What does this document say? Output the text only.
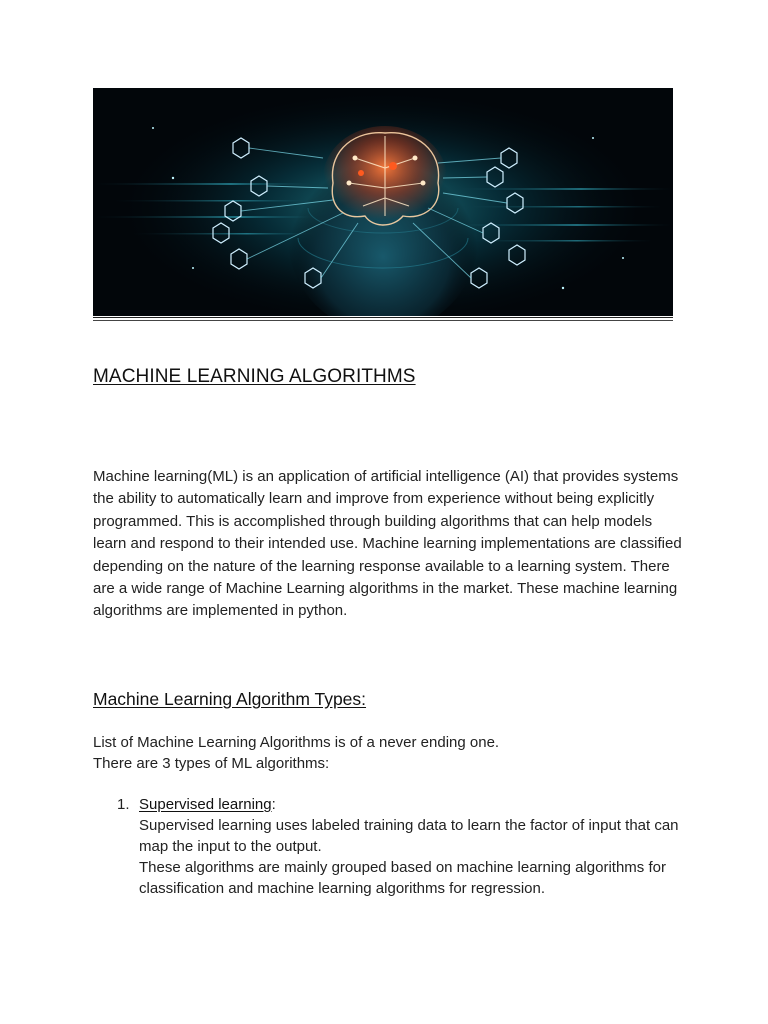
MACHINE LEARNING ALGORITHMS

Machine learning(ML) is an application of artificial intelligence (AI) that provides systems the ability to automatically learn and improve from experience without being explicitly programmed. This is accomplished through building algorithms that can help models learn and respond to their intended use. Machine learning implementations are classified depending on the nature of the learning response available to a learning system. There are a wide range of Machine Learning algorithms in the market. These machine learning algorithms are implemented in python.

Machine Learning Algorithm Types:
List of Machine Learning Algorithms is of a never ending one.
There are 3 types of ML algorithms:
1. Supervised learning:

Supervised learning uses labeled training data to learn the factor of input that can map the input to the output.

These algorithms are mainly grouped based on machine learning algorithms for classification and machine learning algorithms for regression.
